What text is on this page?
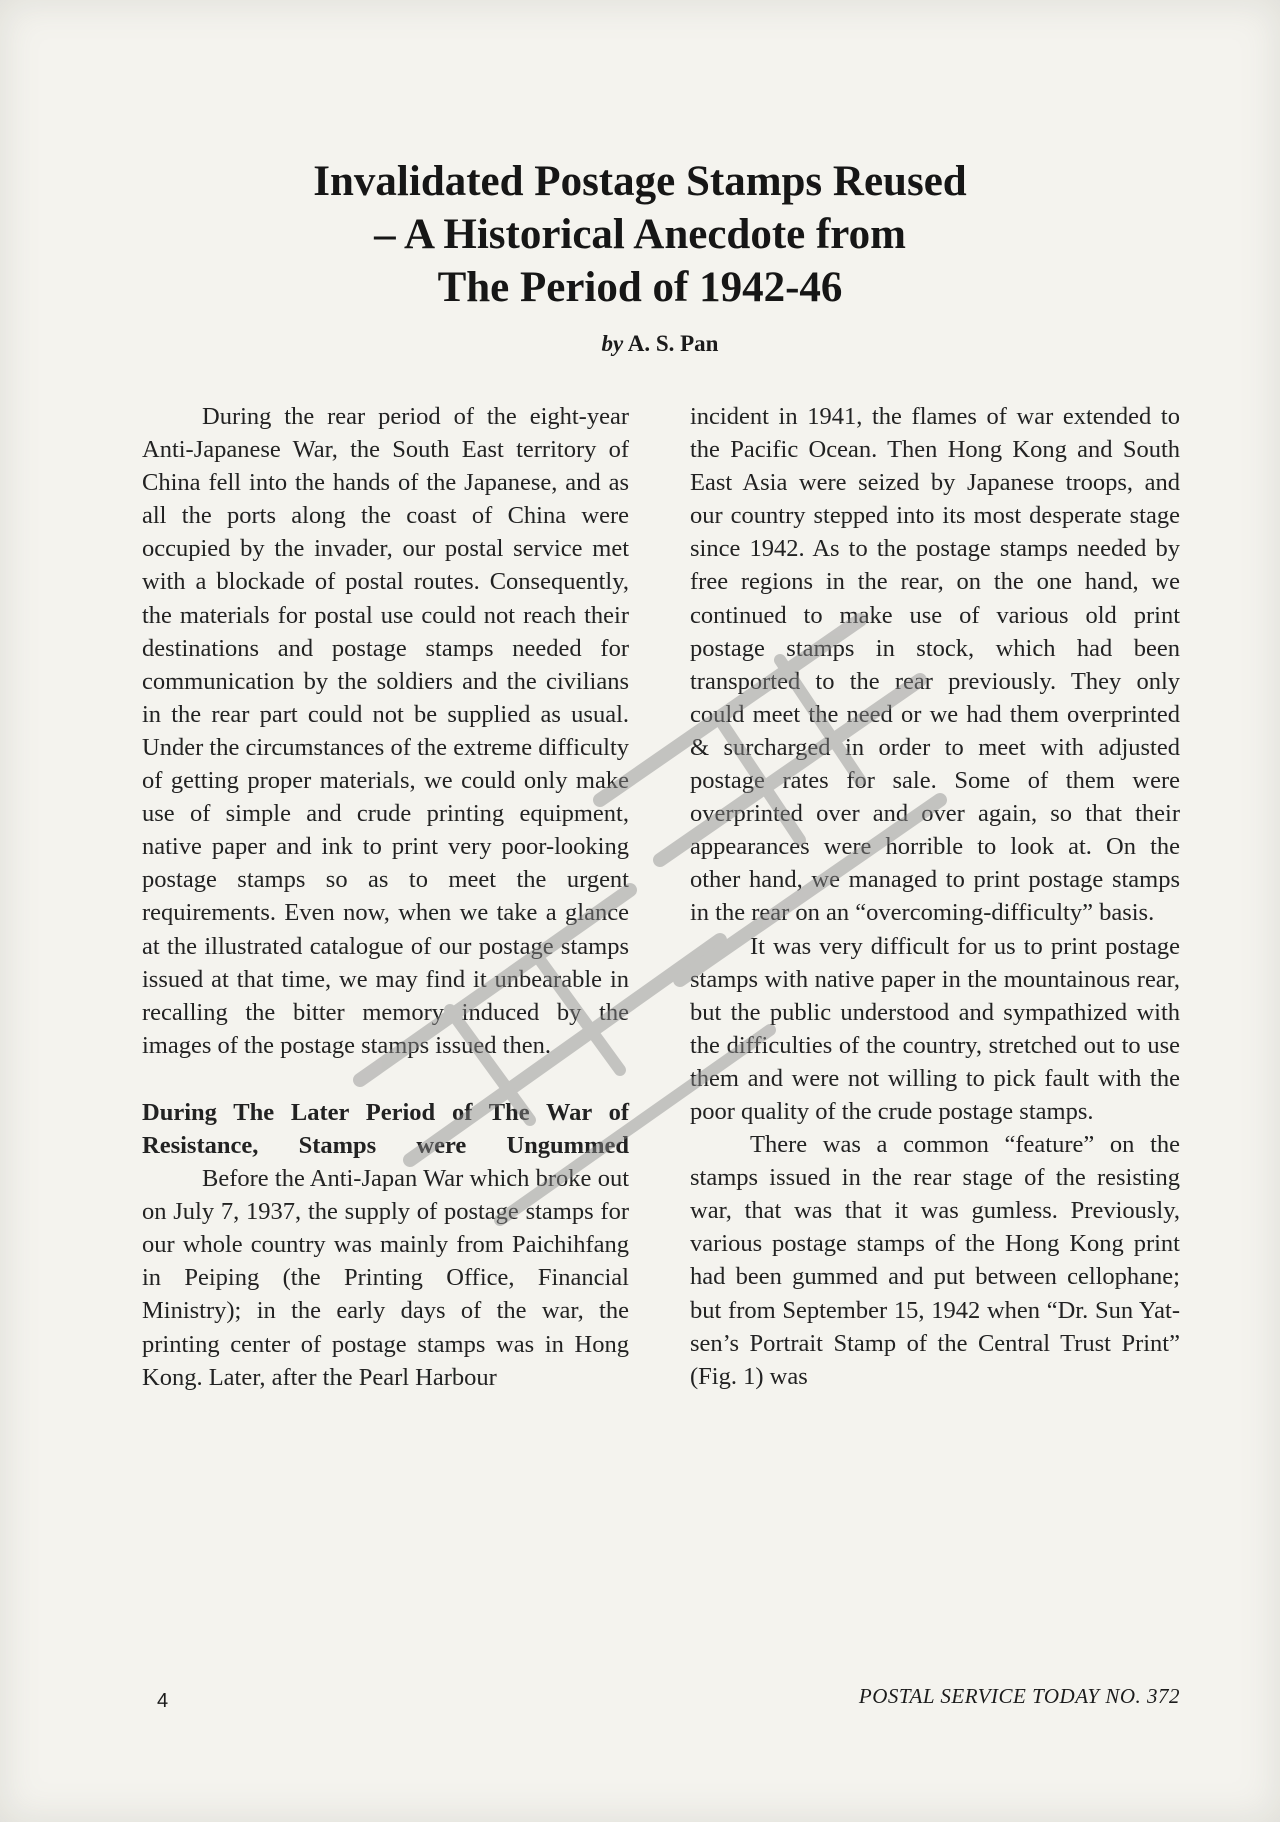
Invalidated Postage Stamps Reused
– A Historical Anecdote from
The Period of 1942-46
by A. S. Pan

During the rear period of the eight-year Anti-Japanese War, the South East territory of China fell into the hands of the Japanese, and as all the ports along the coast of China were occupied by the invader, our postal service met with a blockade of postal routes. Consequently, the materials for postal use could not reach their destinations and postage stamps needed for communication by the soldiers and the civilians in the rear part could not be supplied as usual. Under the circumstances of the extreme difficulty of getting proper materials, we could only make use of simple and crude printing equipment, native paper and ink to print very poor-looking postage stamps so as to meet the urgent requirements. Even now, when we take a glance at the illustrated catalogue of our postage stamps issued at that time, we may find it unbearable in recalling the bitter memory induced by the images of the postage stamps issued then.

During The Later Period of The War of
Resistance, Stamps were Ungummed

Before the Anti-Japan War which broke out on July 7, 1937, the supply of postage stamps for our whole country was mainly from Paichihfang in Peiping (the Printing Office, Financial Ministry); in the early days of the war, the printing center of postage stamps was in Hong Kong. Later, after the Pearl Harbour

incident in 1941, the flames of war extended to the Pacific Ocean. Then Hong Kong and South East Asia were seized by Japanese troops, and our country stepped into its most desperate stage since 1942. As to the postage stamps needed by free regions in the rear, on the one hand, we continued to make use of various old print postage stamps in stock, which had been transported to the rear previously. They only could meet the need or we had them overprinted & surcharged in order to meet with adjusted postage rates for sale. Some of them were overprinted over and over again, so that their appearances were horrible to look at. On the other hand, we managed to print postage stamps in the rear on an “overcoming-difficulty” basis.

It was very difficult for us to print postage stamps with native paper in the mountainous rear, but the public understood and sympathized with the difficulties of the country, stretched out to use them and were not willing to pick fault with the poor quality of the crude postage stamps.

There was a common “feature” on the stamps issued in the rear stage of the resisting war, that was that it was gumless. Previously, various postage stamps of the Hong Kong print had been gummed and put between cellophane; but from September 15, 1942 when “Dr. Sun Yat-sen’s Portrait Stamp of the Central Trust Print” (Fig. 1) was

4	POSTAL SERVICE TODAY NO. 372
